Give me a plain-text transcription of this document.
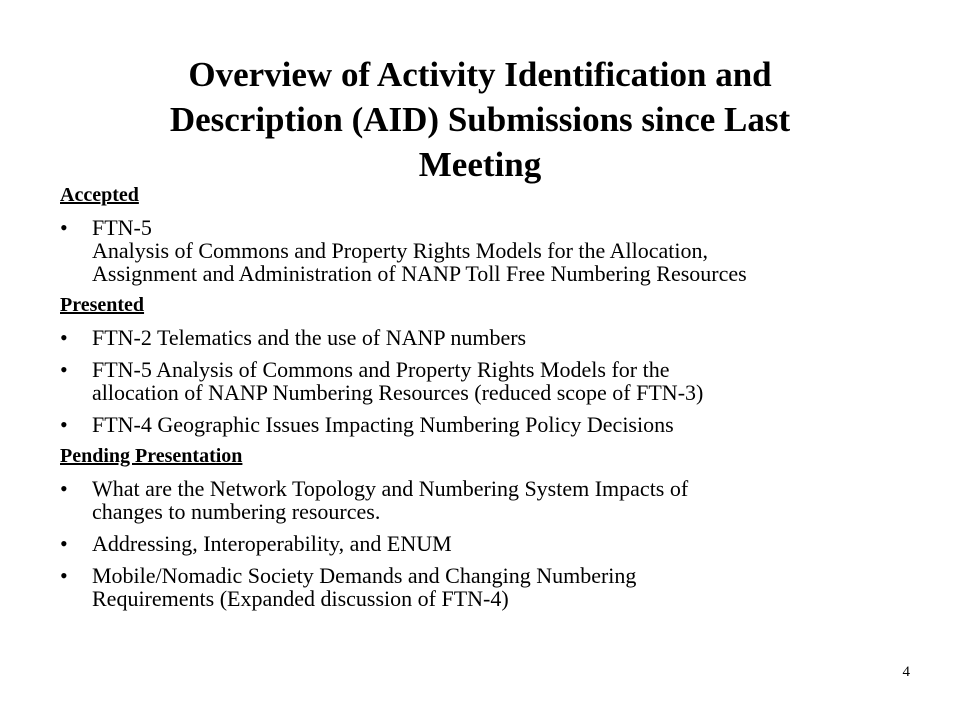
Overview of Activity Identification and
Description (AID) Submissions since Last
Meeting
Accepted
• FTN-5
Analysis of Commons and Property Rights Models for the Allocation,
Assignment and Administration of NANP Toll Free Numbering Resources
Presented
• FTN-2 Telematics and the use of NANP numbers
• FTN-5 Analysis of Commons and Property Rights Models for the
allocation of NANP Numbering Resources (reduced scope of FTN-3)
• FTN-4 Geographic Issues Impacting Numbering Policy Decisions
Pending Presentation
• What are the Network Topology and Numbering System Impacts of
changes to numbering resources.
• Addressing, Interoperability, and ENUM
• Mobile/Nomadic Society Demands and Changing Numbering
Requirements (Expanded discussion of FTN-4)
4
